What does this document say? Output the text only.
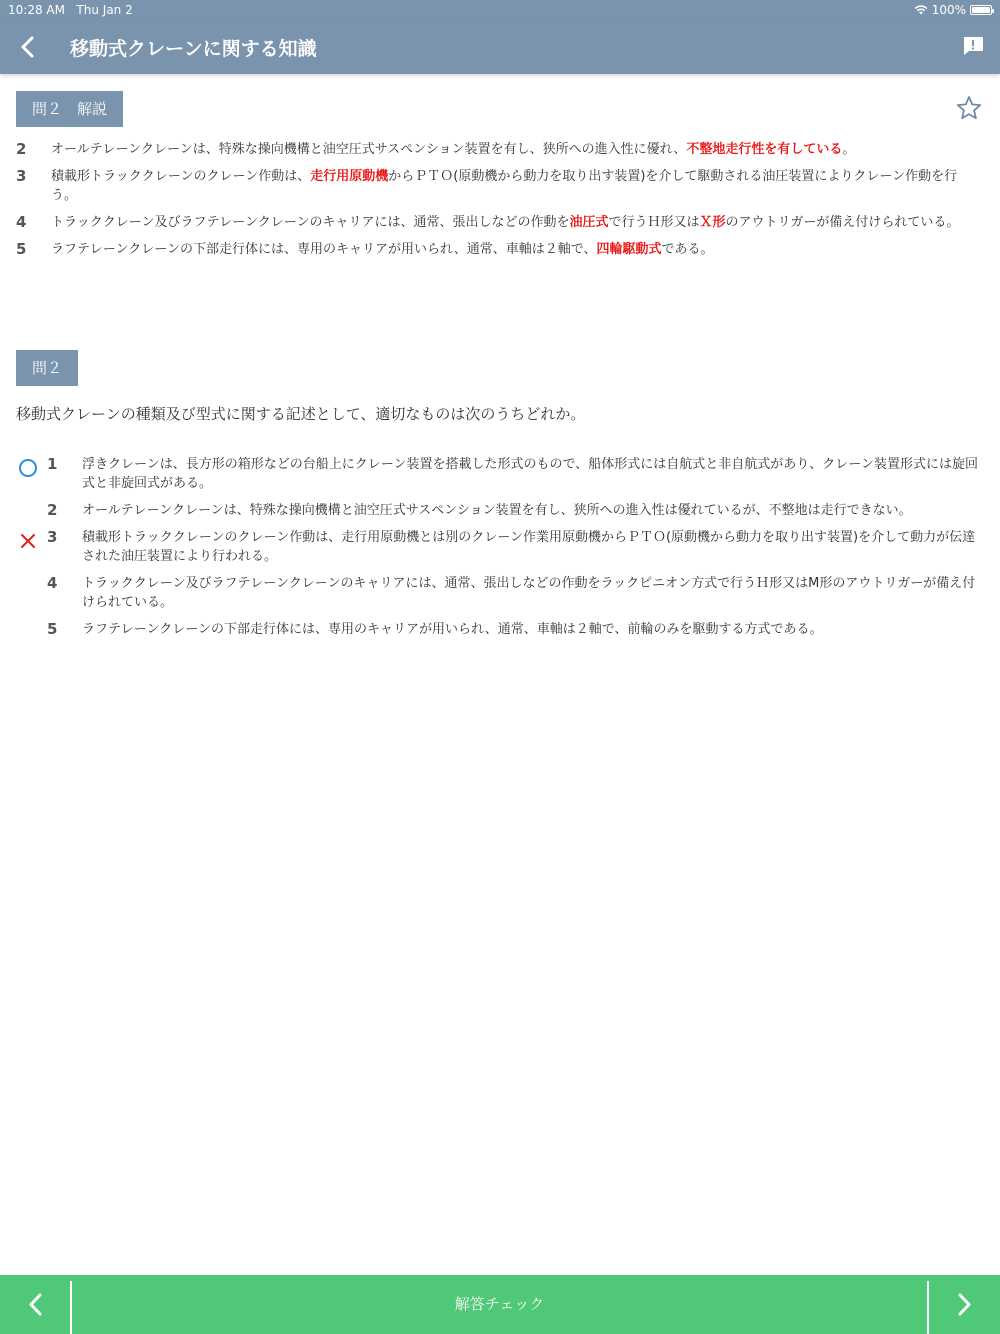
10:28 AM Thu Jan 2	100%
移動式クレーンに関する知識
問２　解説
2 オールテレーンクレーンは、特殊な操向機構と油空圧式サスペンション装置を有し、狭所への進入性に優れ、不整地走行性を有している。
3 積載形トラッククレーンのクレーン作動は、走行用原動機からＰＴＯ(原動機から動力を取り出す装置)を介して駆動される油圧装置によりクレーン作動を行う。
4 トラッククレーン及びラフテレーンクレーンのキャリアには、通常、張出しなどの作動を油圧式で行うＨ形又はＸ形のアウトリガーが備え付けられている。
5 ラフテレーンクレーンの下部走行体には、専用のキャリアが用いられ、通常、車軸は２軸で、四輪駆動式である。
問２
移動式クレーンの種類及び型式に関する記述として、適切なものは次のうちどれか。
1 浮きクレーンは、長方形の箱形などの台船上にクレーン装置を搭載した形式のもので、船体形式には自航式と非自航式があり、クレーン装置形式には旋回式と非旋回式がある。
2 オールテレーンクレーンは、特殊な操向機構と油空圧式サスペンション装置を有し、狭所への進入性は優れているが、不整地は走行できない。
3 積載形トラッククレーンのクレーン作動は、走行用原動機とは別のクレーン作業用原動機からＰＴＯ(原動機から動力を取り出す装置)を介して動力が伝達された油圧装置により行われる。
4 トラッククレーン及びラフテレーンクレーンのキャリアには、通常、張出しなどの作動をラックピニオン方式で行うＨ形又はM形のアウトリガーが備え付けられている。
5 ラフテレーンクレーンの下部走行体には、専用のキャリアが用いられ、通常、車軸は２軸で、前輪のみを駆動する方式である。
解答チェック
